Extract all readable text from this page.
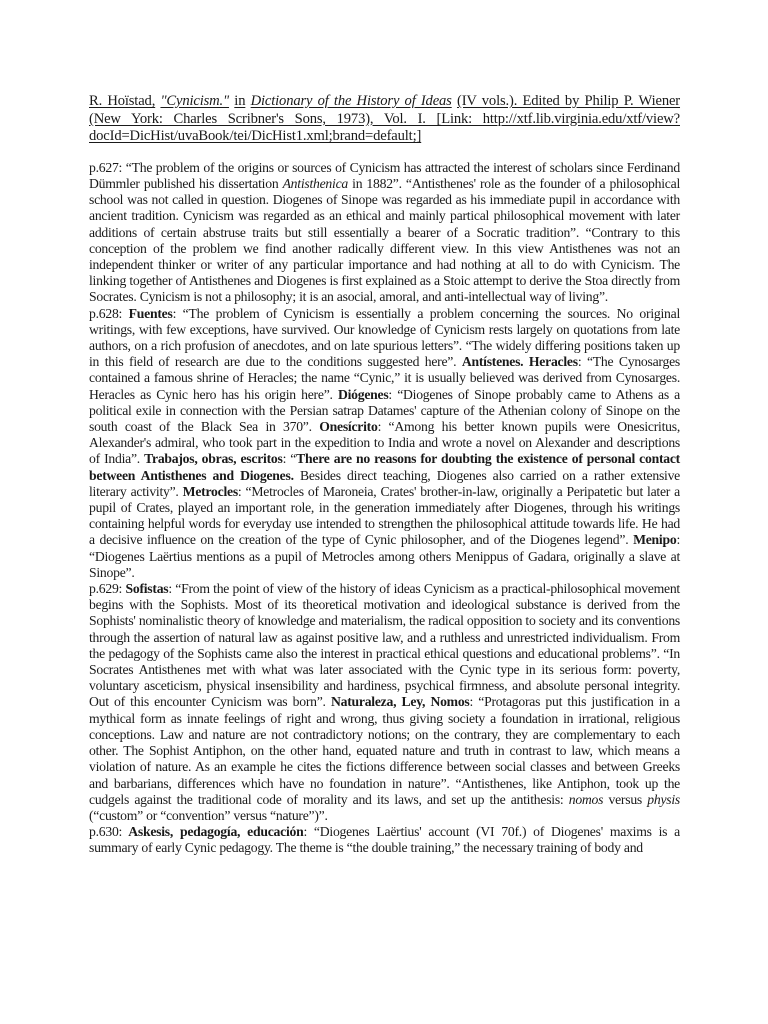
R. Hoïstad, "Cynicism." in Dictionary of the History of Ideas (IV vols.). Edited by Philip P. Wiener (New York: Charles Scribner's Sons, 1973), Vol. I. [Link: http://xtf.lib.virginia.edu/xtf/view?docId=DicHist/uvaBook/tei/DicHist1.xml;brand=default;]

p.627: “The problem of the origins or sources of Cynicism has attracted the interest of scholars since Ferdinand Dümmler published his dissertation Antisthenica in 1882”. “Antisthenes' role as the founder of a philosophical school was not called in question. Diogenes of Sinope was regarded as his immediate pupil in accordance with ancient tradition. Cynicism was regarded as an ethical and mainly partical philosophical movement with later additions of certain abstruse traits but still essentially a bearer of a Socratic tradition”. “Contrary to this conception of the problem we find another radically different view. In this view Antisthenes was not an independent thinker or writer of any particular importance and had nothing at all to do with Cynicism. The linking together of Antisthenes and Diogenes is first explained as a Stoic attempt to derive the Stoa directly from Socrates. Cynicism is not a philosophy; it is an asocial, amoral, and anti-intellectual way of living”.

p.628: Fuentes: “The problem of Cynicism is essentially a problem concerning the sources. No original writings, with few exceptions, have survived. Our knowledge of Cynicism rests largely on quotations from late authors, on a rich profusion of anecdotes, and on late spurious letters”. “The widely differing positions taken up in this field of research are due to the conditions suggested here”. Antístenes. Heracles: “The Cynosarges contained a famous shrine of Heracles; the name “Cynic,” it is usually believed was derived from Cynosarges. Heracles as Cynic hero has his origin here”. Diógenes: “Diogenes of Sinope probably came to Athens as a political exile in connection with the Persian satrap Datames' capture of the Athenian colony of Sinope on the south coast of the Black Sea in 370”. Onesícrito: “Among his better known pupils were Onesicritus, Alexander's admiral, who took part in the expedition to India and wrote a novel on Alexander and descriptions of India”. Trabajos, obras, escritos: “There are no reasons for doubting the existence of personal contact between Antisthenes and Diogenes. Besides direct teaching, Diogenes also carried on a rather extensive literary activity”. Metrocles: “Metrocles of Maroneia, Crates' brother-in-law, originally a Peripatetic but later a pupil of Crates, played an important role, in the generation immediately after Diogenes, through his writings containing helpful words for everyday use intended to strengthen the philosophical attitude towards life. He had a decisive influence on the creation of the type of Cynic philosopher, and of the Diogenes legend”. Menipo: “Diogenes Laërtius mentions as a pupil of Metrocles among others Menippus of Gadara, originally a slave at Sinope”.

p.629: Sofistas: “From the point of view of the history of ideas Cynicism as a practical-philosophical movement begins with the Sophists. Most of its theoretical motivation and ideological substance is derived from the Sophists' nominalistic theory of knowledge and materialism, the radical opposition to society and its conventions through the assertion of natural law as against positive law, and a ruthless and unrestricted individualism. From the pedagogy of the Sophists came also the interest in practical ethical questions and educational problems”. “In Socrates Antisthenes met with what was later associated with the Cynic type in its serious form: poverty, voluntary asceticism, physical insensibility and hardiness, psychical firmness, and absolute personal integrity. Out of this encounter Cynicism was born”. Naturaleza, Ley, Nomos: “Protagoras put this justification in a mythical form as innate feelings of right and wrong, thus giving society a foundation in irrational, religious conceptions. Law and nature are not contradictory notions; on the contrary, they are complementary to each other. The Sophist Antiphon, on the other hand, equated nature and truth in contrast to law, which means a violation of nature. As an example he cites the fictions difference between social classes and between Greeks and barbarians, differences which have no foundation in nature”. “Antisthenes, like Antiphon, took up the cudgels against the traditional code of morality and its laws, and set up the antithesis: nomos versus physis (“custom” or “convention” versus “nature”)”.

p.630: Askesis, pedagogía, educación: “Diogenes Laërtius' account (VI 70f.) of Diogenes' maxims is a summary of early Cynic pedagogy. The theme is “the double training,” the necessary training of body and
